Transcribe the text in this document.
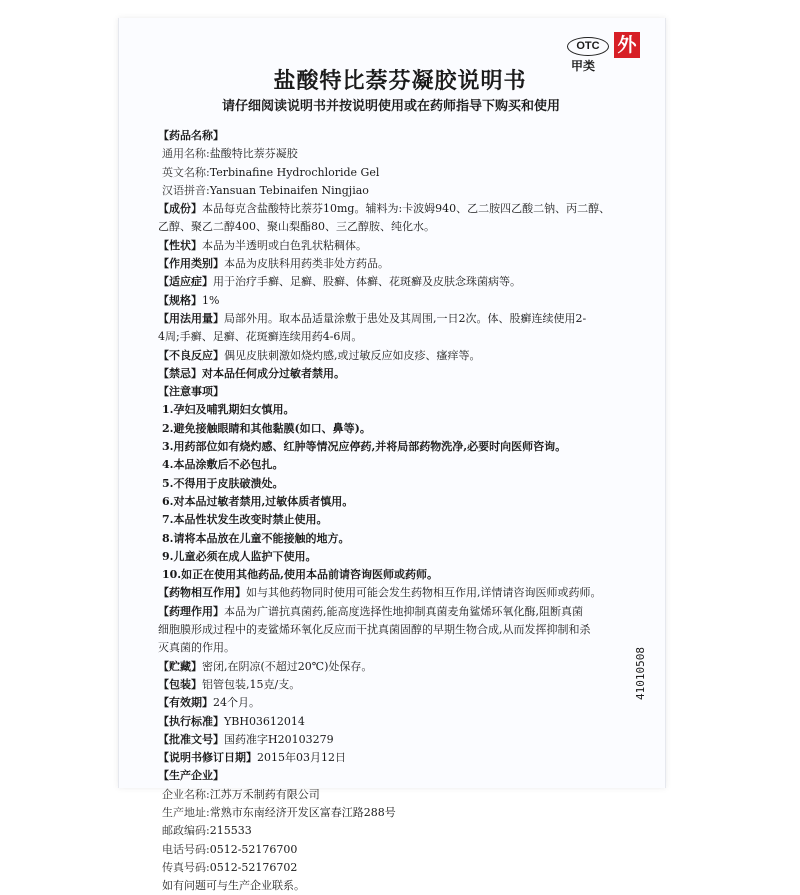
OTC
甲类
外
盐酸特比萘芬凝胶说明书
请仔细阅读说明书并按说明使用或在药师指导下购买和使用
【药品名称】
通用名称:盐酸特比萘芬凝胶
英文名称:Terbinafine Hydrochloride Gel
汉语拼音:Yansuan Tebinaifen Ningjiao
【成份】本品每克含盐酸特比萘芬10mg。辅料为:卡波姆940、乙二胺四乙酸二钠、丙二醇、
乙醇、聚乙二醇400、聚山梨酯80、三乙醇胺、纯化水。
【性状】本品为半透明或白色乳状粘稠体。
【作用类别】本品为皮肤科用药类非处方药品。
【适应症】用于治疗手癣、足癣、股癣、体癣、花斑癣及皮肤念珠菌病等。
【规格】1%
【用法用量】局部外用。取本品适量涂敷于患处及其周围,一日2次。体、股癣连续使用2-
4周;手癣、足癣、花斑癣连续用药4-6周。
【不良反应】偶见皮肤刺激如烧灼感,或过敏反应如皮疹、瘙痒等。
【禁忌】对本品任何成分过敏者禁用。
【注意事项】
1.孕妇及哺乳期妇女慎用。
2.避免接触眼睛和其他黏膜(如口、鼻等)。
3.用药部位如有烧灼感、红肿等情况应停药,并将局部药物洗净,必要时向医师咨询。
4.本品涂敷后不必包扎。
5.不得用于皮肤破溃处。
6.对本品过敏者禁用,过敏体质者慎用。
7.本品性状发生改变时禁止使用。
8.请将本品放在儿童不能接触的地方。
9.儿童必须在成人监护下使用。
10.如正在使用其他药品,使用本品前请咨询医师或药师。
【药物相互作用】如与其他药物同时使用可能会发生药物相互作用,详情请咨询医师或药师。
【药理作用】本品为广谱抗真菌药,能高度选择性地抑制真菌麦角鲨烯环氧化酶,阻断真菌
细胞膜形成过程中的麦鲨烯环氧化反应而干扰真菌固醇的早期生物合成,从而发挥抑制和杀
灭真菌的作用。
【贮藏】密闭,在阴凉(不超过20℃)处保存。
【包装】铝管包装,15克/支。
【有效期】24个月。
【执行标准】YBH03612014
【批准文号】国药准字H20103279
【说明书修订日期】2015年03月12日
【生产企业】
企业名称:江苏万禾制药有限公司
生产地址:常熟市东南经济开发区富春江路288号
邮政编码:215533
电话号码:0512-52176700
传真号码:0512-52176702
如有问题可与生产企业联系。
41010508
